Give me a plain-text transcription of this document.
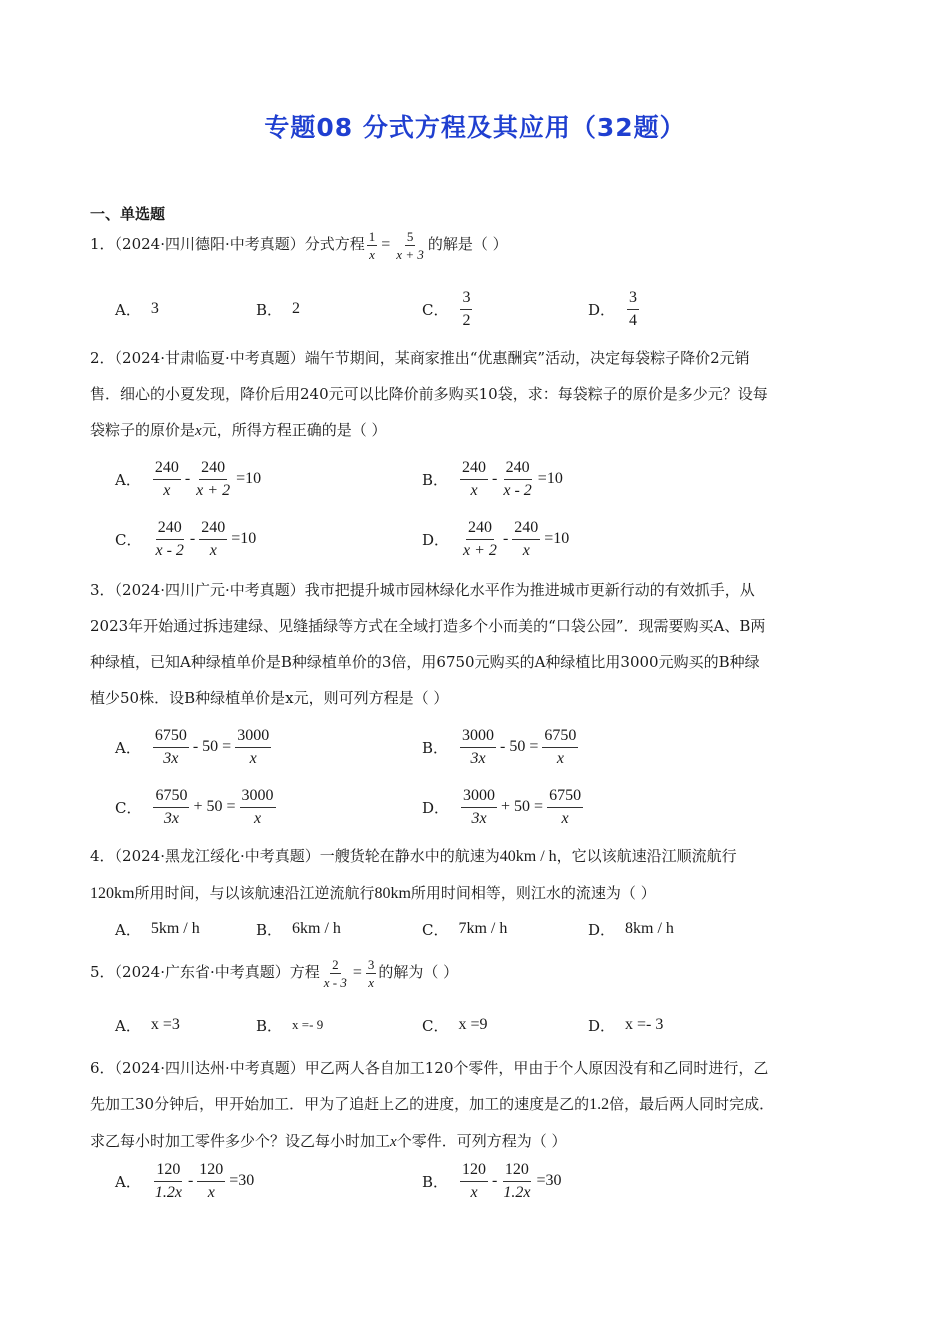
专题08 分式方程及其应用（32题）
一、单选题
1．（2024·四川德阳·中考真题）分式方程 $\frac{1}{x} = \frac{5}{x + 3}$ 的解是（ ）
A． 3	B． 2	C． $\frac{3}{2}$	D． $\frac{3}{4}$
2．（2024·甘肃临夏·中考真题）端午节期间，某商家推出“优惠酬宾”活动，决定每袋粽子降价2元销
售．细心的小夏发现，降价后用240元可以比降价前多购买10袋，求：每袋粽子的原价是多少元？设每
袋粽子的原价是x元，所得方程正确的是（ ）
A． $\frac{240}{x} - \frac{240}{x + 2} =10$	B． $\frac{240}{x} - \frac{240}{x - 2} =10$
C． $\frac{240}{x - 2} - \frac{240}{x} =10$	D． $\frac{240}{x + 2} - \frac{240}{x} =10$
3．（2024·四川广元·中考真题）我市把提升城市园林绿化水平作为推进城市更新行动的有效抓手，从
2023年开始通过拆违建绿、见缝插绿等方式在全域打造多个小而美的“口袋公园”．现需要购买A、B两
种绿植，已知A种绿植单价是B种绿植单价的3倍，用6750元购买的A种绿植比用3000元购买的B种绿
植少50株．设B种绿植单价是x元，则可列方程是（ ）
A． $\frac{6750}{3x} - 50 = \frac{3000}{x}$	B． $\frac{3000}{3x} - 50 = \frac{6750}{x}$
C． $\frac{6750}{3x} + 50 = \frac{3000}{x}$	D． $\frac{3000}{3x} + 50 = \frac{6750}{x}$
4．（2024·黑龙江绥化·中考真题）一艘货轮在静水中的航速为40km / h，它以该航速沿江顺流航行
120km所用时间，与以该航速沿江逆流航行80km所用时间相等，则江水的流速为（ ）
A． 5km / h	B． 6km / h	C． 7km / h	D． 8km / h
5．（2024·广东省·中考真题）方程 $\frac{2}{x - 3} = \frac{3}{x}$ 的解为（ ）
A． x =3	B． x =- 9	C． x =9	D． x =- 3
6．（2024·四川达州·中考真题）甲乙两人各自加工120个零件，甲由于个人原因没有和乙同时进行，乙
先加工30分钟后，甲开始加工．甲为了追赶上乙的进度，加工的速度是乙的1.2倍，最后两人同时完成．
求乙每小时加工零件多少个？设乙每小时加工x个零件．可列方程为（ ）
A． $\frac{120}{1.2x} - \frac{120}{x} =30$	B． $\frac{120}{x} - \frac{120}{1.2x} =30$
